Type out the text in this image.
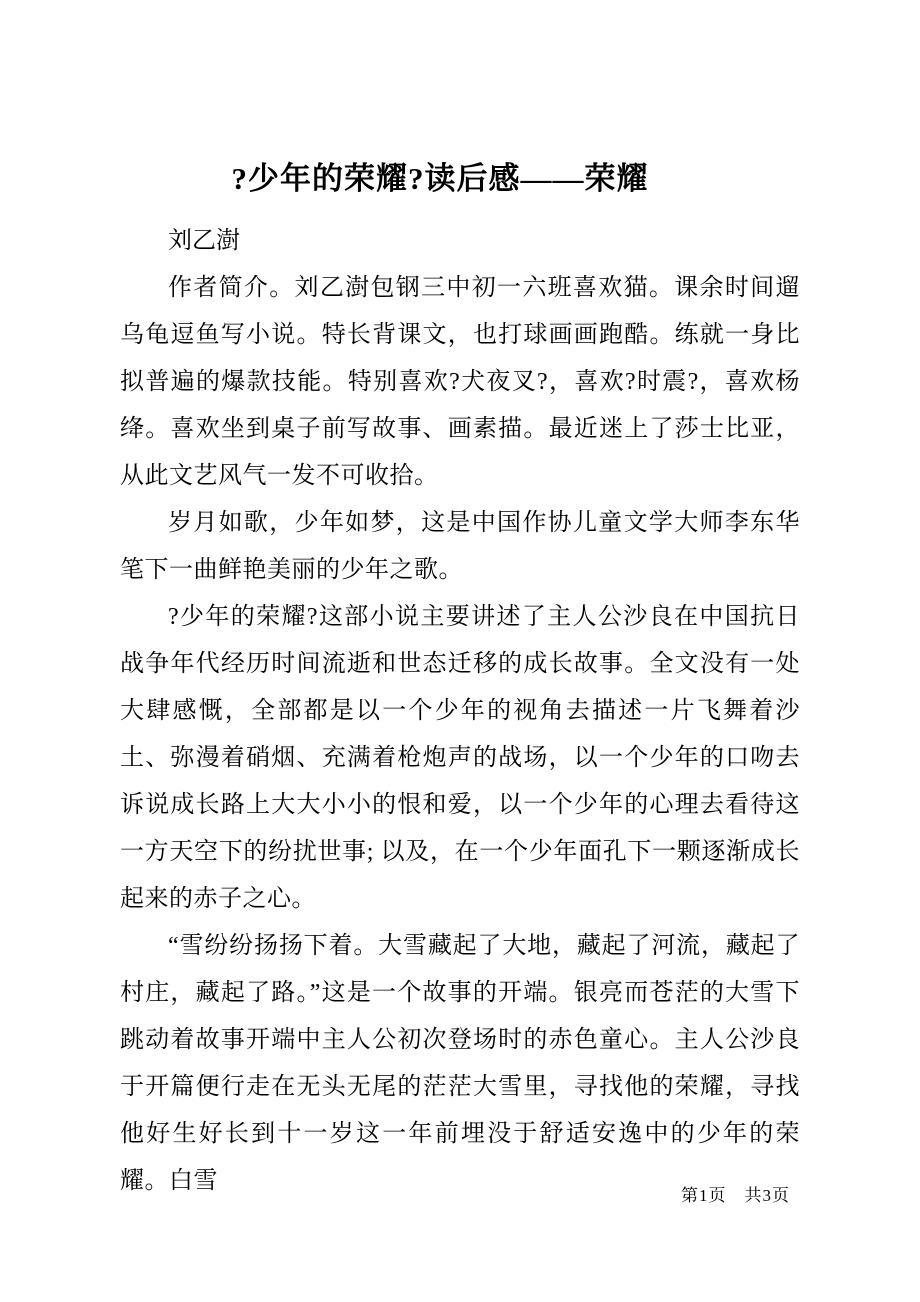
?少年的荣耀?读后感——荣耀

刘乙澍

作者简介。刘乙澍包钢三中初一六班喜欢猫。课余时间遛乌龟逗鱼写小说。特长背课文，也打球画画跑酷。练就一身比拟普遍的爆款技能。特别喜欢?犬夜叉?，喜欢?时震?，喜欢杨绛。喜欢坐到桌子前写故事、画素描。最近迷上了莎士比亚，从此文艺风气一发不可收拾。

岁月如歌，少年如梦，这是中国作协儿童文学大师李东华笔下一曲鲜艳美丽的少年之歌。

?少年的荣耀?这部小说主要讲述了主人公沙良在中国抗日战争年代经历时间流逝和世态迁移的成长故事。全文没有一处大肆感慨，全部都是以一个少年的视角去描述一片飞舞着沙土、弥漫着硝烟、充满着枪炮声的战场，以一个少年的口吻去诉说成长路上大大小小的恨和爱，以一个少年的心理去看待这一方天空下的纷扰世事; 以及，在一个少年面孔下一颗逐渐成长起来的赤子之心。

“雪纷纷扬扬下着。大雪藏起了大地，藏起了河流，藏起了村庄，藏起了路。”这是一个故事的开端。银亮而苍茫的大雪下跳动着故事开端中主人公初次登场时的赤色童心。主人公沙良于开篇便行走在无头无尾的茫茫大雪里，寻找他的荣耀，寻找他好生好长到十一岁这一年前埋没于舒适安逸中的少年的荣耀。白雪

第1页　共3页
